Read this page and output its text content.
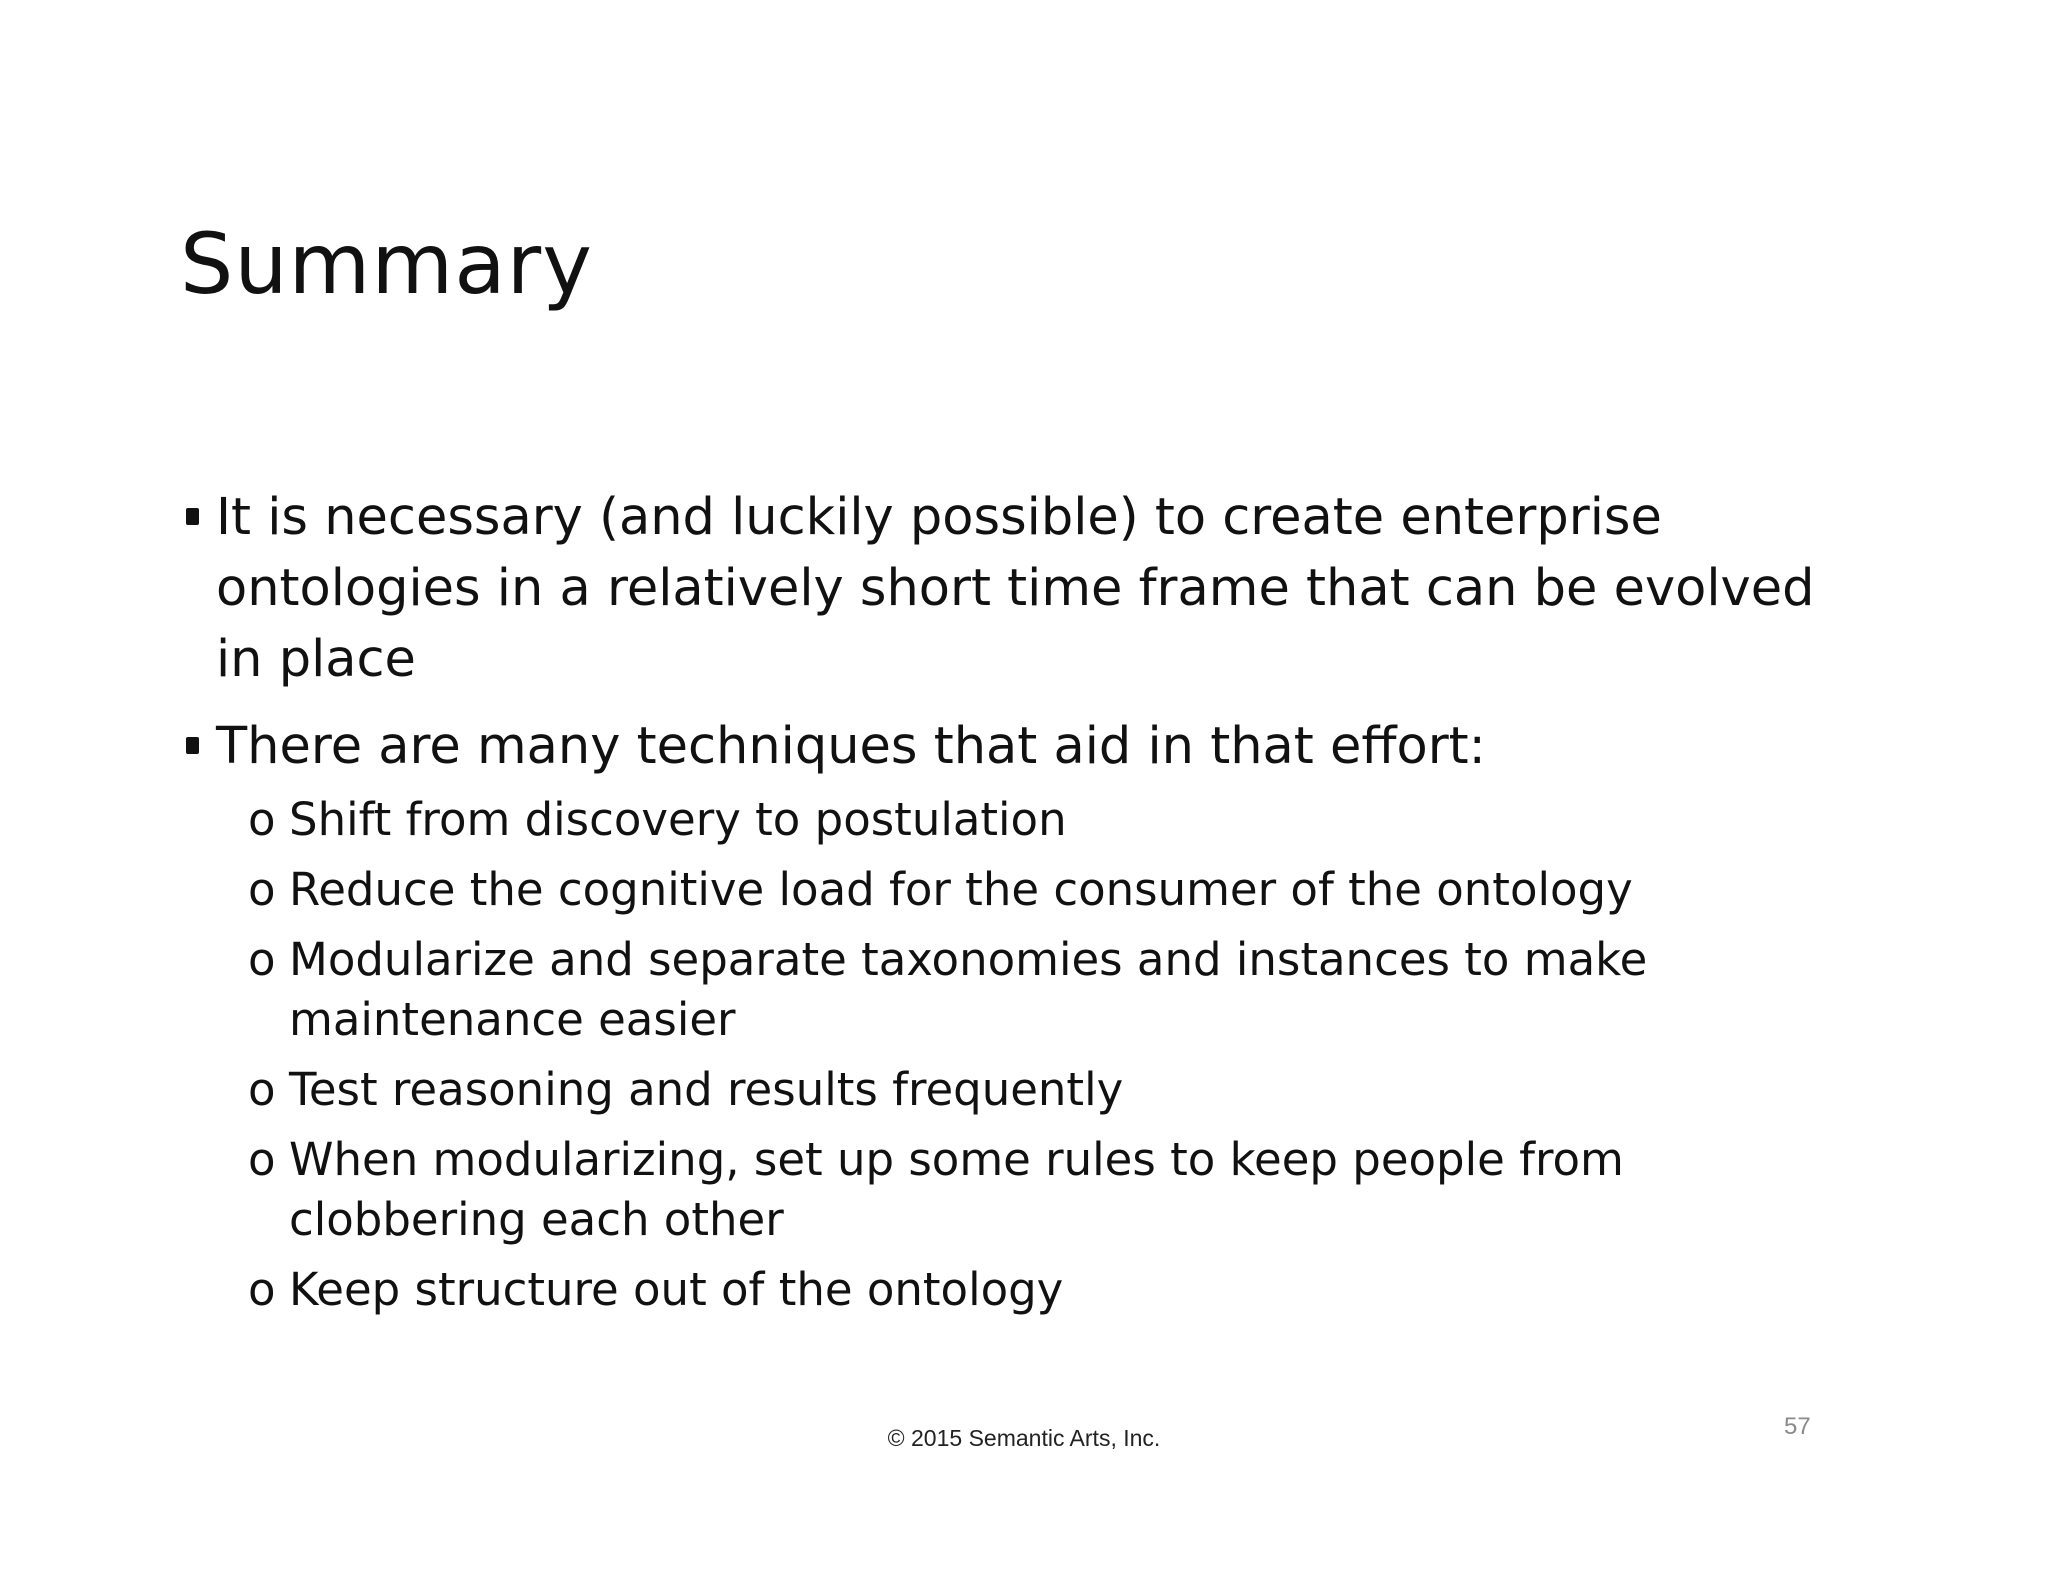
Summary
It is necessary (and luckily possible) to create enterprise ontologies in a relatively short time frame that can be evolved in place
There are many techniques that aid in that effort:
o Shift from discovery to postulation
o Reduce the cognitive load for the consumer of the ontology
o Modularize and separate taxonomies and instances to make maintenance easier
o Test reasoning and results frequently
o When modularizing, set up some rules to keep people from clobbering each other
o Keep structure out of the ontology
© 2015 Semantic Arts, Inc.	57
